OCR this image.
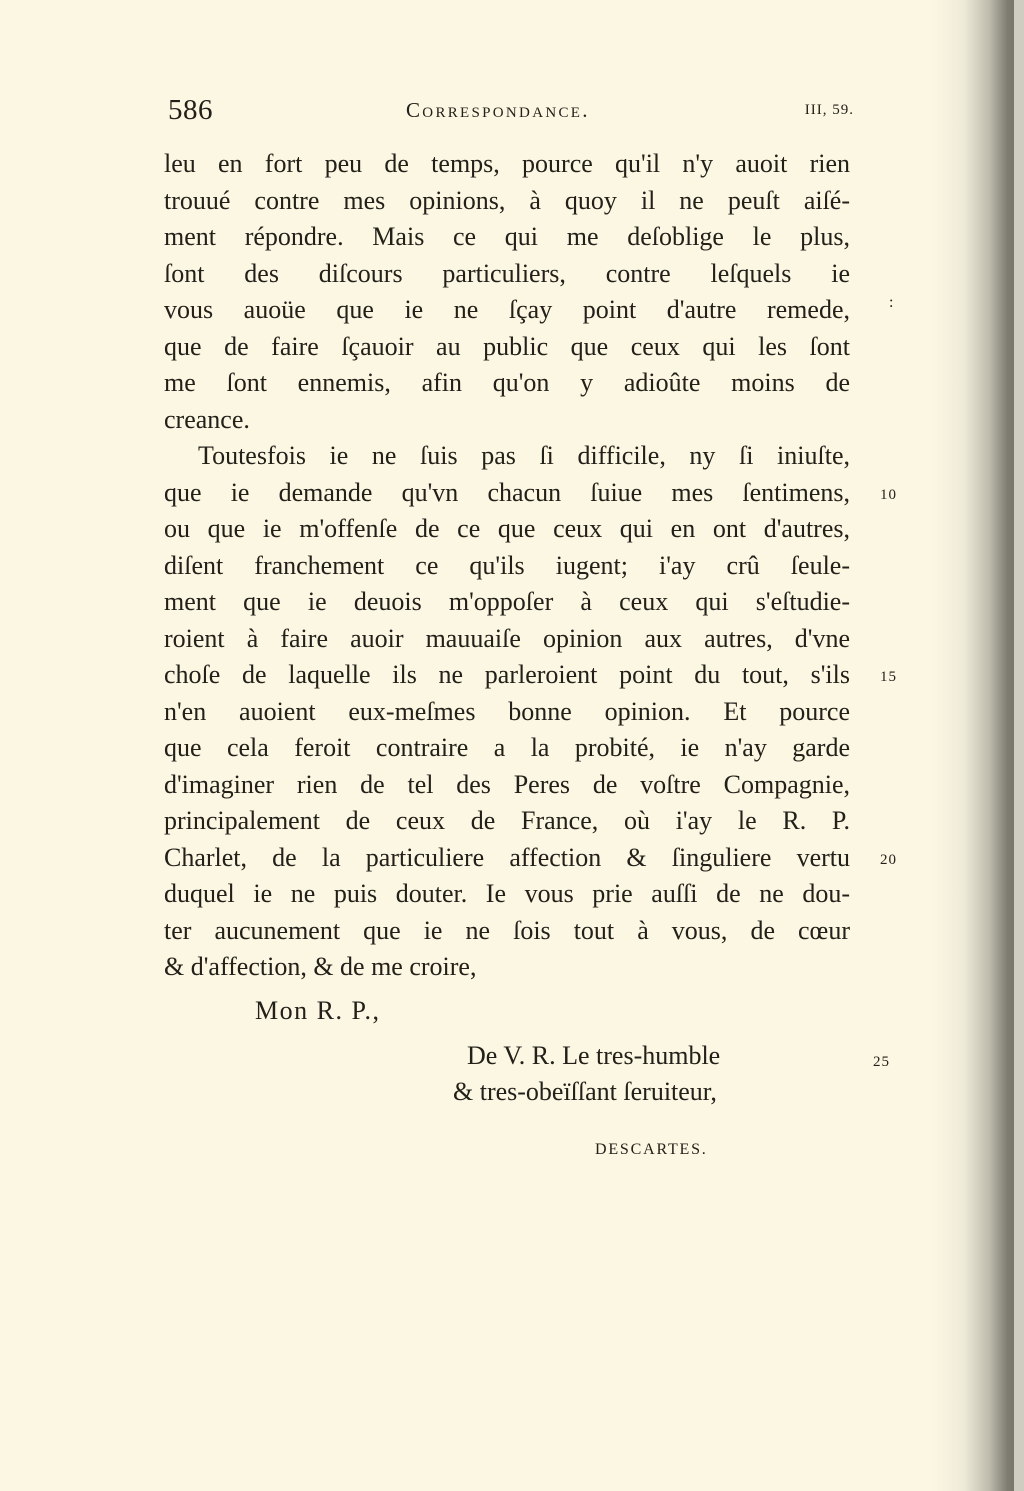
586	Correspondance.	III, 59.
:
leu en fort peu de temps, pource qu'il n'y auoit rien
trouué contre mes opinions, à quoy il ne peuſt aiſé-
ment répondre. Mais ce qui me deſoblige le plus,
ſont des diſcours particuliers, contre leſquels ie
vous auoüe que ie ne ſçay point d'autre remede,
que de faire ſçauoir au public que ceux qui les ſont
me ſont ennemis, afin qu'on y adioûte moins de
creance.
Toutesfois ie ne ſuis pas ſi difficile, ny ſi iniuſte,
que ie demande qu'vn chacun ſuiue mes ſentimens, 10
ou que ie m'offenſe de ce que ceux qui en ont d'autres,
diſent franchement ce qu'ils iugent; i'ay crû ſeule-
ment que ie deuois m'oppoſer à ceux qui s'eſtudie-
roient à faire auoir mauuaiſe opinion aux autres, d'vne
choſe de laquelle ils ne parleroient point du tout, s'ils 15
n'en auoient eux-meſmes bonne opinion. Et pource
que cela feroit contraire a la probité, ie n'ay garde
d'imaginer rien de tel des Peres de voſtre Compagnie,
principalement de ceux de France, où i'ay le R. P.
Charlet, de la particuliere affection & ſinguliere vertu 20
duquel ie ne puis douter. Ie vous prie auſſi de ne dou-
ter aucunement que ie ne ſois tout à vous, de cœur
& d'affection, & de me croire,
Mon R. P.,
De V. R. Le tres-humble	25
& tres-obeïſſant ſeruiteur,
DESCARTES.
